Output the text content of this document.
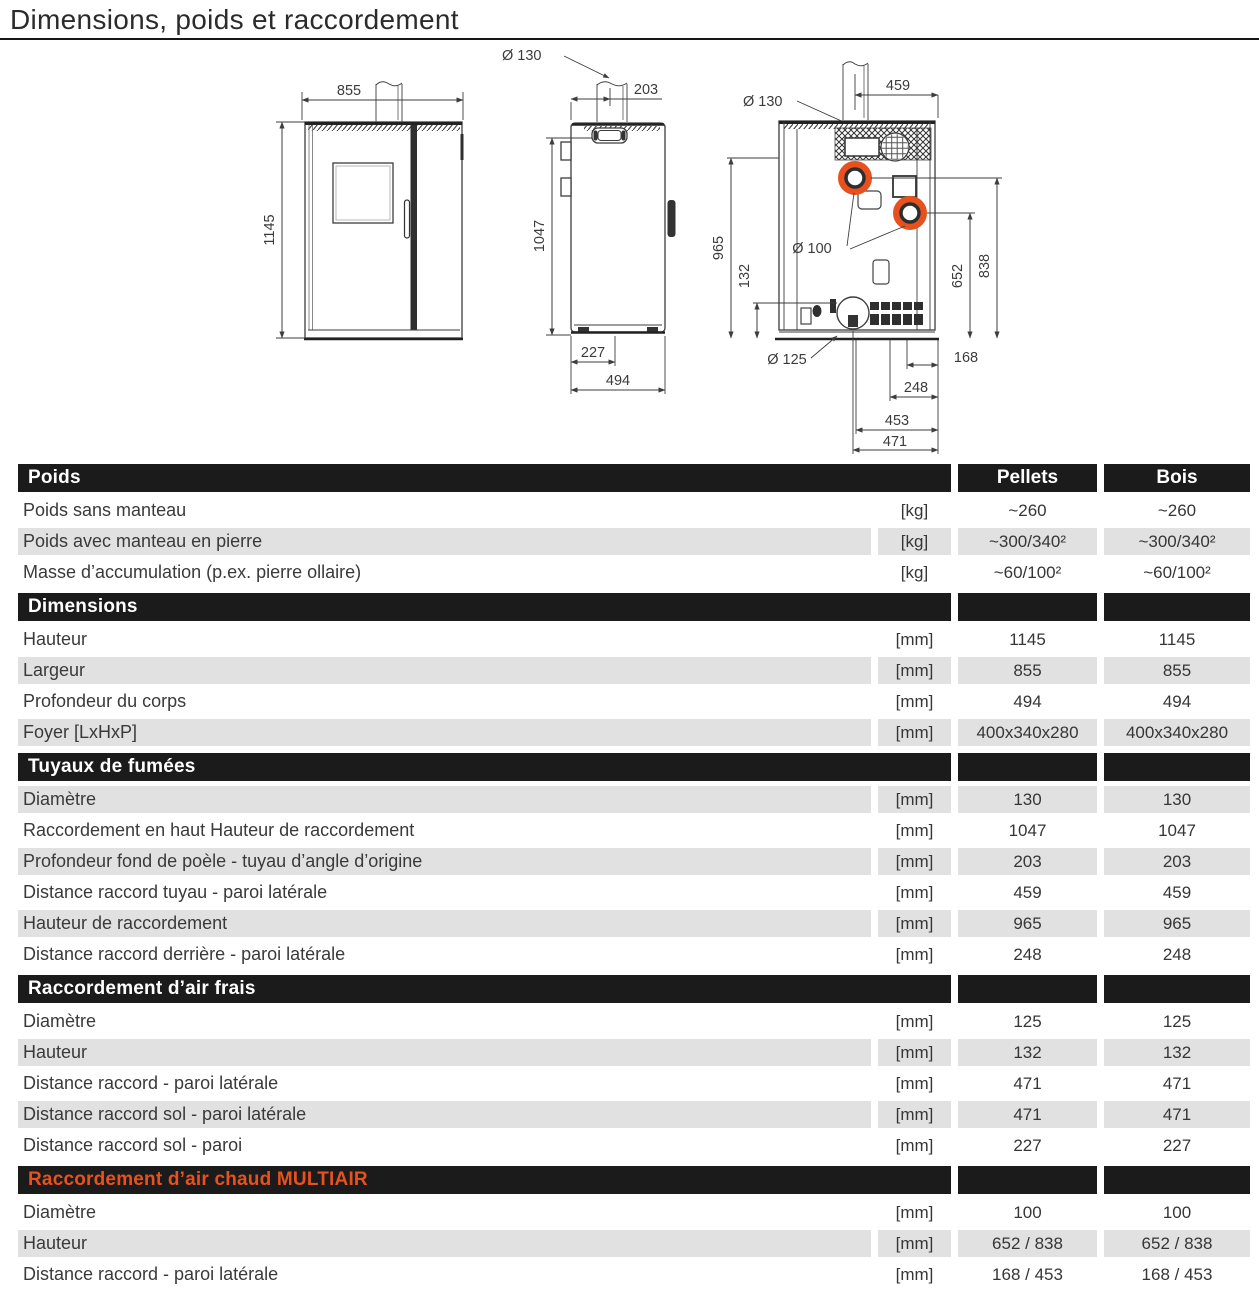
Dimensions, poids et raccordement
855
1145
Ø 130
203
1047
227
494
459
Ø 130
Ø 100
Ø 125
965
132	652 838
168
248
453
471
Poids	Pellets	Bois
Poids sans manteau	[kg]	~260	~260
Poids avec manteau en pierre	[kg]	~300/340²	~300/340²
Masse d’accumulation (p.ex. pierre ollaire)	[kg]	~60/100²	~60/100²
Dimensions
Hauteur	[mm]	1145	1145
Largeur	[mm]	855	855
Profondeur du corps	[mm]	494	494
Foyer [LxHxP]	[mm]	400x340x280	400x340x280
Tuyaux de fumées
Diamètre	[mm]	130	130
Raccordement en haut Hauteur de raccordement	[mm]	1047	1047
Profondeur fond de poèle - tuyau d’angle d’origine	[mm]	203	203
Distance raccord tuyau - paroi latérale	[mm]	459	459
Hauteur de raccordement	[mm]	965	965
Distance raccord derrière - paroi latérale	[mm]	248	248
Raccordement d’air frais
Diamètre	[mm]	125	125
Hauteur	[mm]	132	132
Distance raccord - paroi latérale	[mm]	471	471
Distance raccord sol - paroi latérale	[mm]	471	471
Distance raccord sol - paroi	[mm]	227	227
Raccordement d’air chaud MULTIAIR
Diamètre	[mm]	100	100
Hauteur	[mm]	652 / 838	652 / 838
Distance raccord - paroi latérale	[mm]	168 / 453	168 / 453
